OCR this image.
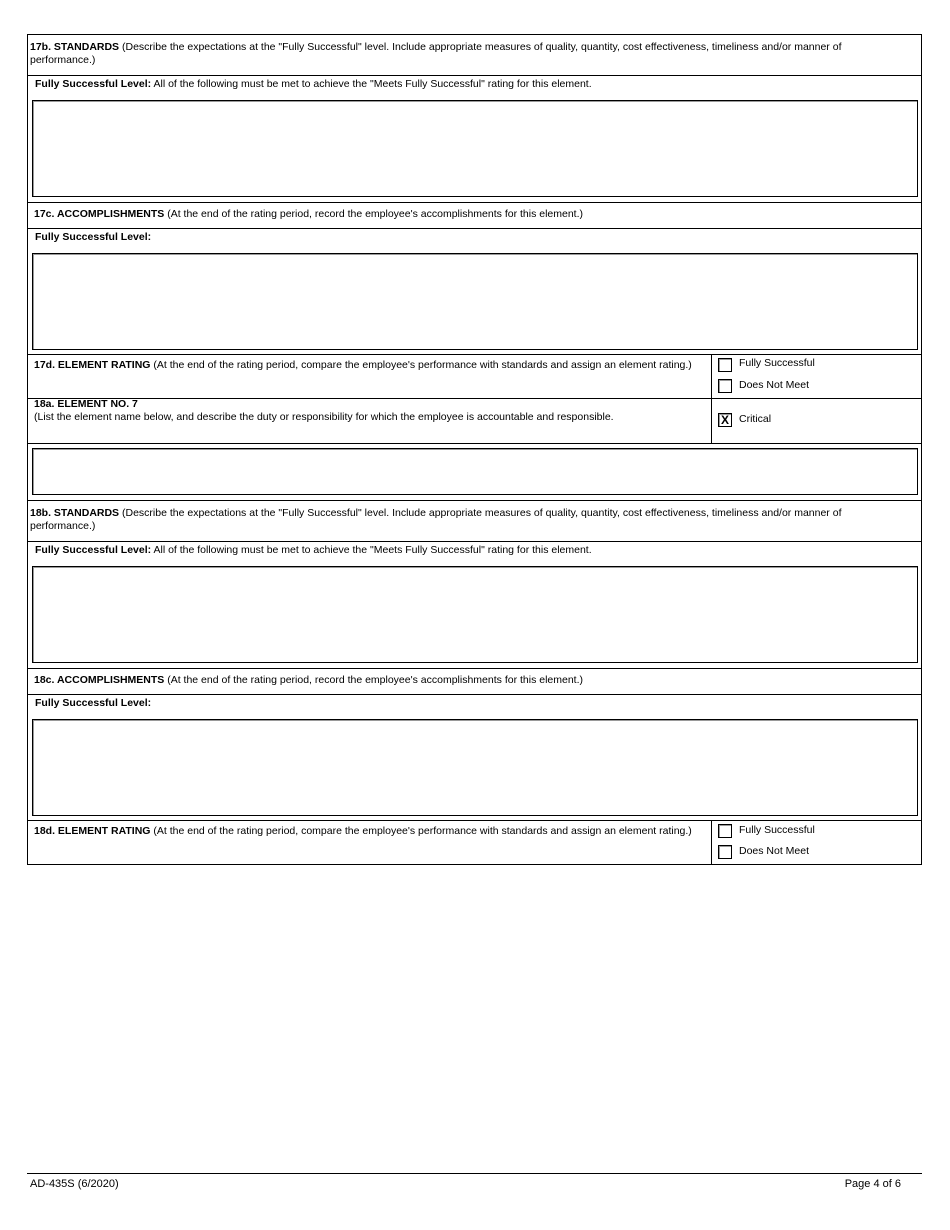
17b. STANDARDS (Describe the expectations at the "Fully Successful" level. Include appropriate measures of quality, quantity, cost effectiveness, timeliness and/or manner of performance.)
Fully Successful Level: All of the following must be met to achieve the "Meets Fully Successful" rating for this element.
17c. ACCOMPLISHMENTS (At the end of the rating period, record the employee's accomplishments for this element.)
Fully Successful Level:
17d. ELEMENT RATING (At the end of the rating period, compare the employee's performance with standards and assign an element rating.)	Fully Successful
Does Not Meet
18a. ELEMENT NO. 7
(List the element name below, and describe the duty or responsibility for which the employee is accountable and responsible.	X Critical
18b. STANDARDS (Describe the expectations at the "Fully Successful" level. Include appropriate measures of quality, quantity, cost effectiveness, timeliness and/or manner of performance.)
Fully Successful Level: All of the following must be met to achieve the "Meets Fully Successful" rating for this element.
18c. ACCOMPLISHMENTS (At the end of the rating period, record the employee's accomplishments for this element.)
Fully Successful Level:
18d. ELEMENT RATING (At the end of the rating period, compare the employee's performance with standards and assign an element rating.)	Fully Successful
Does Not Meet
AD-435S (6/2020)	Page 4 of 6
